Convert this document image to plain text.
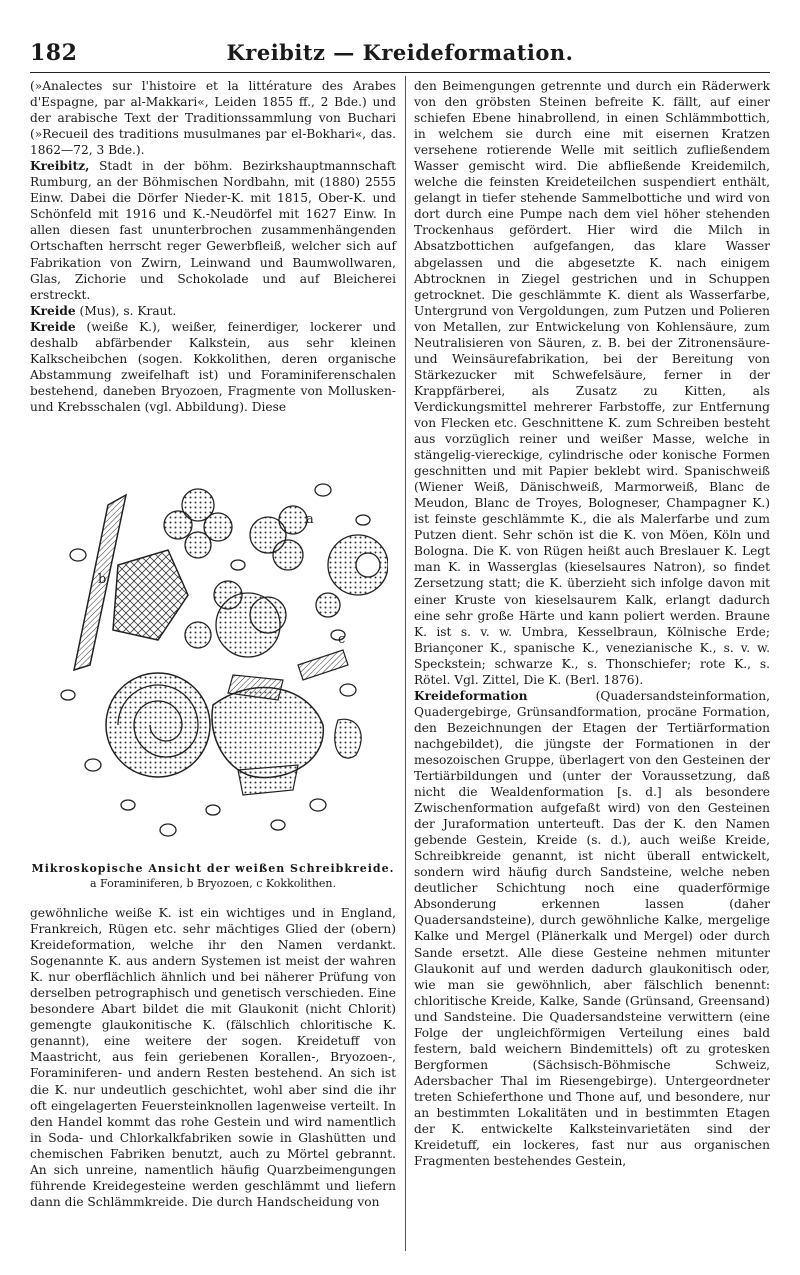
182	Kreibitz — Kreideformation.

(»Analectes sur l'histoire et la littérature des Arabes d'Espagne, par al-Makkari«, Leiden 1855 ff., 2 Bde.) und der arabische Text der Traditionssammlung von Buchari (»Recueil des traditions musulmanes par el-Bokhari«, das. 1862—72, 3 Bde.).

Kreibitz, Stadt in der böhm. Bezirkshauptmannschaft Rumburg, an der Böhmischen Nordbahn, mit (1880) 2555 Einw. Dabei die Dörfer Nieder-K. mit 1815, Ober-K. und Schönfeld mit 1916 und K.-Neudörfel mit 1627 Einw. In allen diesen fast ununterbrochen zusammenhängenden Ortschaften herrscht reger Gewerbfleiß, welcher sich auf Fabrikation von Zwirn, Leinwand und Baumwollwaren, Glas, Zichorie und Schokolade und auf Bleicherei erstreckt.

Kreide (Mus), s. Kraut.

Kreide (weiße K.), weißer, feinerdiger, lockerer und deshalb abfärbender Kalkstein, aus sehr kleinen Kalkscheibchen (sogen. Kokkolithen, deren organische Abstammung zweifelhaft ist) und Foraminiferenschalen bestehend, daneben Bryozoen, Fragmente von Mollusken- und Krebsschalen (vgl. Abbildung). Diese

a
b
c
Mikroskopische Ansicht der weißen Schreibkreide.
a Foraminiferen, b Bryozoen, c Kokkolithen.

gewöhnliche weiße K. ist ein wichtiges und in England, Frankreich, Rügen etc. sehr mächtiges Glied der (obern) Kreideformation, welche ihr den Namen verdankt. Sogenannte K. aus andern Systemen ist meist der wahren K. nur oberflächlich ähnlich und bei näherer Prüfung von derselben petrographisch und genetisch verschieden. Eine besondere Abart bildet die mit Glaukonit (nicht Chlorit) gemengte glaukonitische K. (fälschlich chloritische K. genannt), eine weitere der sogen. Kreidetuff von Maastricht, aus fein geriebenen Korallen-, Bryozoen-, Foraminiferen- und andern Resten bestehend. An sich ist die K. nur undeutlich geschichtet, wohl aber sind die ihr oft eingelagerten Feuersteinknollen lagenweise verteilt. In den Handel kommt das rohe Gestein und wird namentlich in Soda- und Chlorkalkfabriken sowie in Glashütten und chemischen Fabriken benutzt, auch zu Mörtel gebrannt. An sich unreine, namentlich häufig Quarzbeimengungen führende Kreidegesteine werden geschlämmt und liefern dann die Schlämmkreide. Die durch Handscheidung von

den Beimengungen getrennte und durch ein Räderwerk von den gröbsten Steinen befreite K. fällt, auf einer schiefen Ebene hinabrollend, in einen Schlämmbottich, in welchem sie durch eine mit eisernen Kratzen versehene rotierende Welle mit seitlich zufließendem Wasser gemischt wird. Die abfließende Kreidemilch, welche die feinsten Kreideteilchen suspendiert enthält, gelangt in tiefer stehende Sammelbottiche und wird von dort durch eine Pumpe nach dem viel höher stehenden Trockenhaus gefördert. Hier wird die Milch in Absatzbottichen aufgefangen, das klare Wasser abgelassen und die abgesetzte K. nach einigem Abtrocknen in Ziegel gestrichen und in Schuppen getrocknet. Die geschlämmte K. dient als Wasserfarbe, Untergrund von Vergoldungen, zum Putzen und Polieren von Metallen, zur Entwickelung von Kohlensäure, zum Neutralisieren von Säuren, z. B. bei der Zitronensäure- und Weinsäurefabrikation, bei der Bereitung von Stärkezucker mit Schwefelsäure, ferner in der Krappfärberei, als Zusatz zu Kitten, als Verdickungsmittel mehrerer Farbstoffe, zur Entfernung von Flecken etc. Geschnittene K. zum Schreiben besteht aus vorzüglich reiner und weißer Masse, welche in stängelig-viereckige, cylindrische oder konische Formen geschnitten und mit Papier beklebt wird. Spanischweiß (Wiener Weiß, Dänischweiß, Marmorweiß, Blanc de Meudon, Blanc de Troyes, Bologneser, Champagner K.) ist feinste geschlämmte K., die als Malerfarbe und zum Putzen dient. Sehr schön ist die K. von Möen, Köln und Bologna. Die K. von Rügen heißt auch Breslauer K. Legt man K. in Wasserglas (kieselsaures Natron), so findet Zersetzung statt; die K. überzieht sich infolge davon mit einer Kruste von kieselsaurem Kalk, erlangt dadurch eine sehr große Härte und kann poliert werden. Braune K. ist s. v. w. Umbra, Kesselbraun, Kölnische Erde; Briançoner K., spanische K., venezianische K., s. v. w. Speckstein; schwarze K., s. Thonschiefer; rote K., s. Rötel. Vgl. Zittel, Die K. (Berl. 1876).

Kreideformation (Quadersandsteinformation, Quadergebirge, Grünsandformation, procäne Formation, den Bezeichnungen der Etagen der Tertiärformation nachgebildet), die jüngste der Formationen in der mesozoischen Gruppe, überlagert von den Gesteinen der Tertiärbildungen und (unter der Voraussetzung, daß nicht die Wealdenformation [s. d.] als besondere Zwischenformation aufgefaßt wird) von den Gesteinen der Juraformation unterteuft. Das der K. den Namen gebende Gestein, Kreide (s. d.), auch weiße Kreide, Schreibkreide genannt, ist nicht überall entwickelt, sondern wird häufig durch Sandsteine, welche neben deutlicher Schichtung noch eine quaderförmige Absonderung erkennen lassen (daher Quadersandsteine), durch gewöhnliche Kalke, mergelige Kalke und Mergel (Plänerkalk und Mergel) oder durch Sande ersetzt. Alle diese Gesteine nehmen mitunter Glaukonit auf und werden dadurch glaukonitisch oder, wie man sie gewöhnlich, aber fälschlich benennt: chloritische Kreide, Kalke, Sande (Grünsand, Greensand) und Sandsteine. Die Quadersandsteine verwittern (eine Folge der ungleichförmigen Verteilung eines bald festern, bald weichern Bindemittels) oft zu grotesken Bergformen (Sächsisch-Böhmische Schweiz, Adersbacher Thal im Riesengebirge). Untergeordneter treten Schieferthone und Thone auf, und besondere, nur an bestimmten Lokalitäten und in bestimmten Etagen der K. entwickelte Kalksteinvarietäten sind der Kreidetuff, ein lockeres, fast nur aus organischen Fragmenten bestehendes Gestein,
